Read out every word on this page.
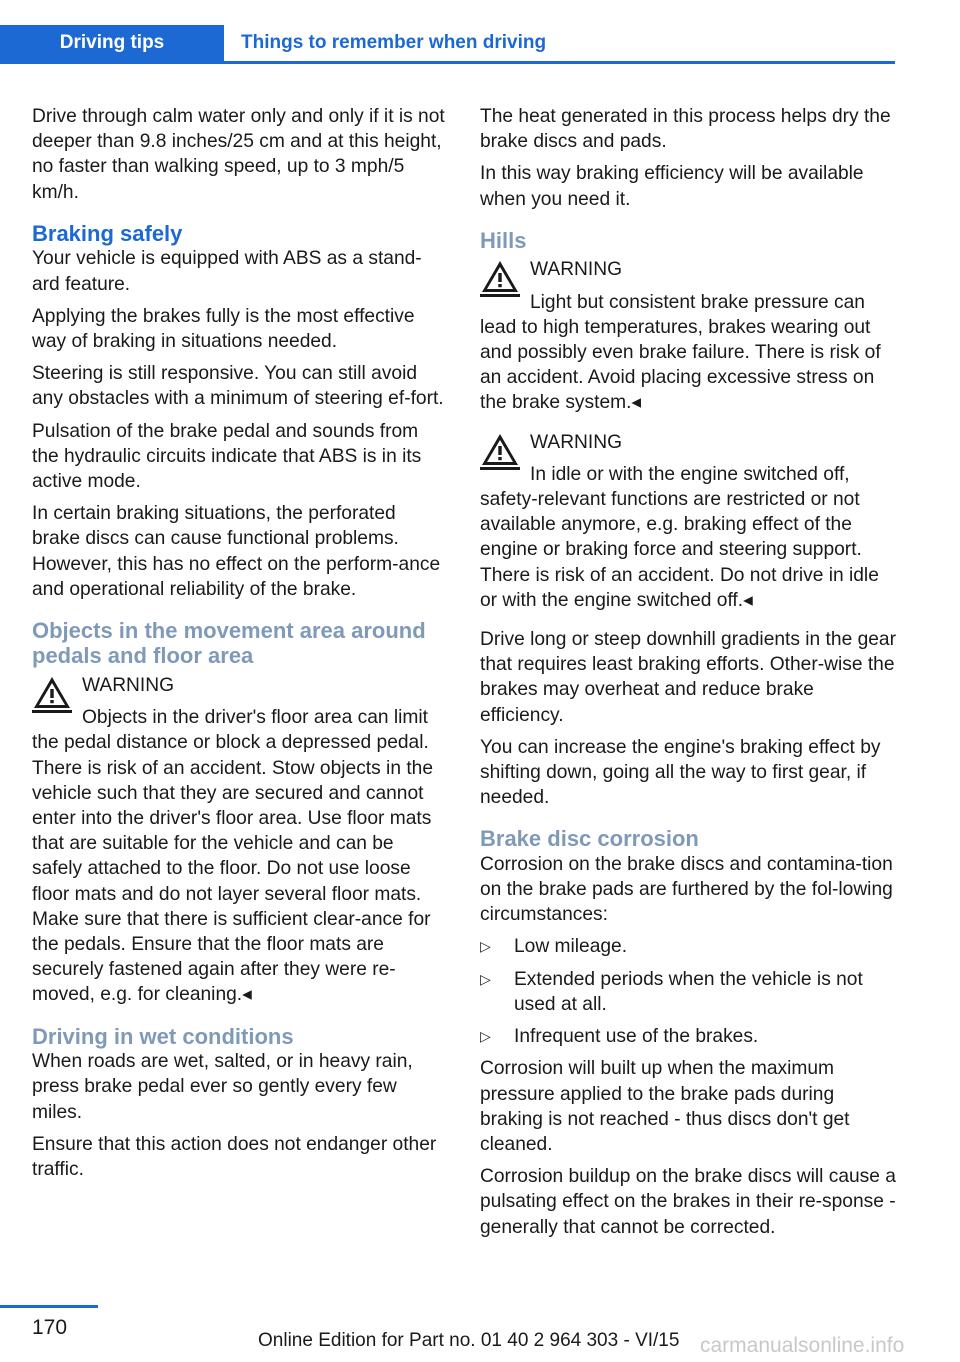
Driving tips	Things to remember when driving

Drive through calm water only and only if it is not deeper than 9.8 inches/25 cm and at this height, no faster than walking speed, up to 3 mph/5 km/h.

Braking safely

Your vehicle is equipped with ABS as a stand-ard feature.

Applying the brakes fully is the most effective way of braking in situations needed.

Steering is still responsive. You can still avoid any obstacles with a minimum of steering ef-fort.

Pulsation of the brake pedal and sounds from the hydraulic circuits indicate that ABS is in its active mode.

In certain braking situations, the perforated brake discs can cause functional problems. However, this has no effect on the perform-ance and operational reliability of the brake.

Objects in the movement area around pedals and floor area
WARNING
Objects in the driver's floor area can limit the pedal distance or block a depressed pedal. There is risk of an accident. Stow objects in the vehicle such that they are secured and cannot enter into the driver's floor area. Use floor mats that are suitable for the vehicle and can be safely attached to the floor. Do not use loose floor mats and do not layer several floor mats. Make sure that there is sufficient clear-ance for the pedals. Ensure that the floor mats are securely fastened again after they were re-moved, e.g. for cleaning.◂
Driving in wet conditions

When roads are wet, salted, or in heavy rain, press brake pedal ever so gently every few miles.

Ensure that this action does not endanger other traffic.

The heat generated in this process helps dry the brake discs and pads.

In this way braking efficiency will be available when you need it.

Hills
WARNING
Light but consistent brake pressure can lead to high temperatures, brakes wearing out and possibly even brake failure. There is risk of an accident. Avoid placing excessive stress on the brake system.◂
WARNING
In idle or with the engine switched off, safety-relevant functions are restricted or not available anymore, e.g. braking effect of the engine or braking force and steering support. There is risk of an accident. Do not drive in idle or with the engine switched off.◂

Drive long or steep downhill gradients in the gear that requires least braking efforts. Other-wise the brakes may overheat and reduce brake efficiency.

You can increase the engine's braking effect by shifting down, going all the way to first gear, if needed.

Brake disc corrosion

Corrosion on the brake discs and contamina-tion on the brake pads are furthered by the fol-lowing circumstances:

▷ Low mileage.
▷ Extended periods when the vehicle is not used at all.
▷ Infrequent use of the brakes.

Corrosion will built up when the maximum pressure applied to the brake pads during braking is not reached - thus discs don't get cleaned.

Corrosion buildup on the brake discs will cause a pulsating effect on the brakes in their re-sponse - generally that cannot be corrected.

170
Online Edition for Part no. 01 40 2 964 303 - VI/15 carmanualsonline.info
